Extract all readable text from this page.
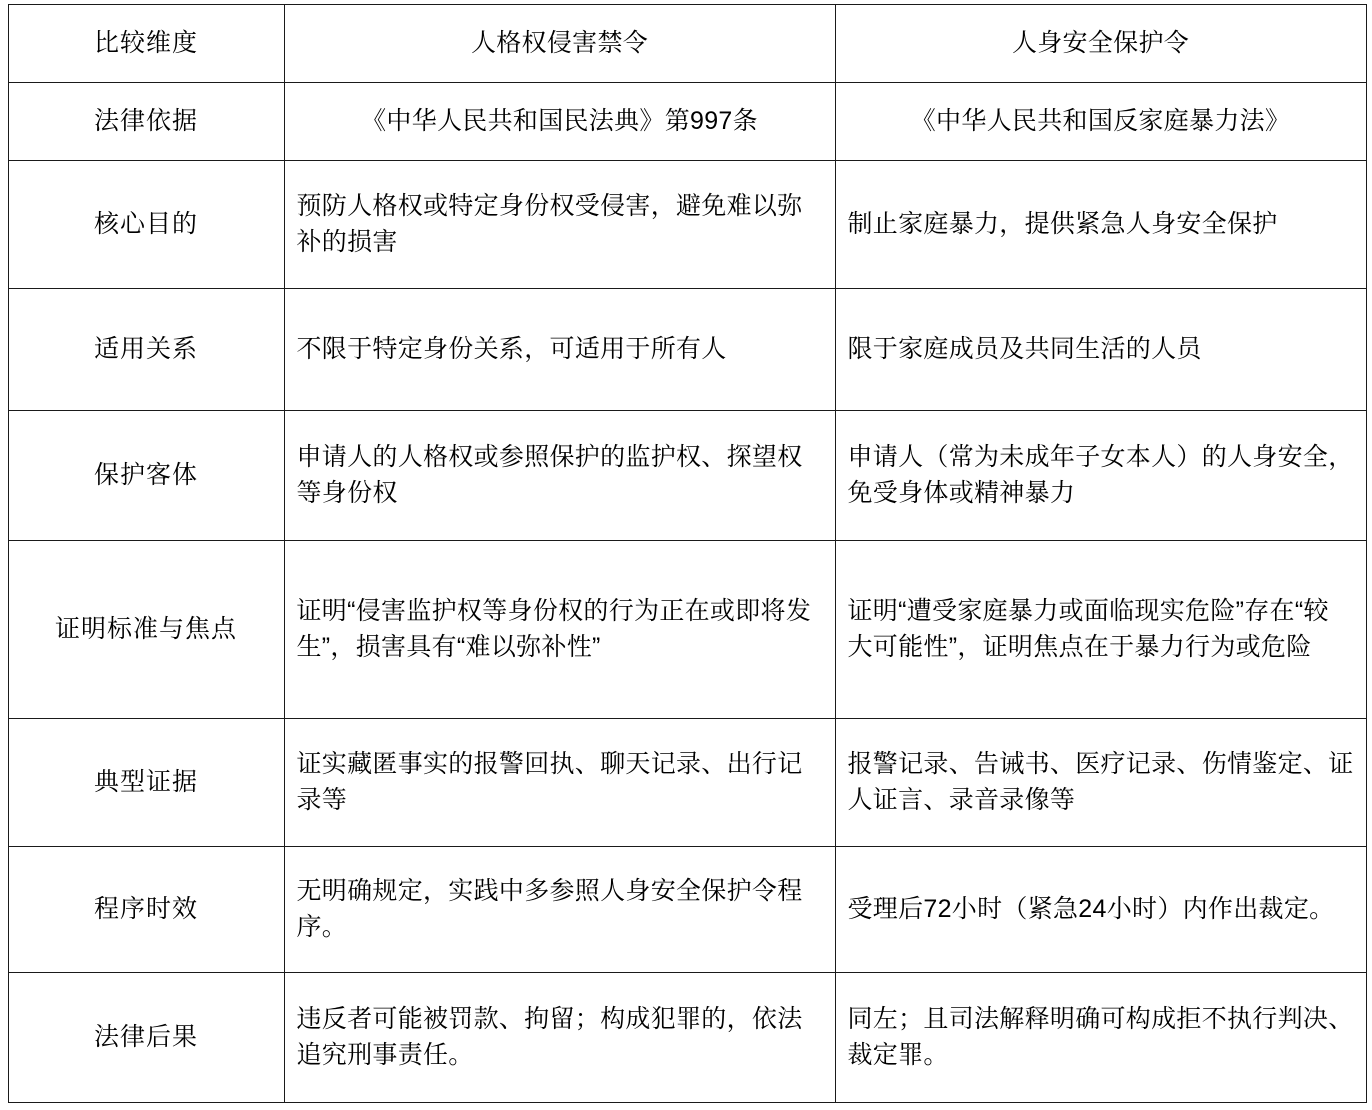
比较维度	人格权侵害禁令	人身安全保护令
法律依据	《中华人民共和国民法典》第997条	《中华人民共和国反家庭暴力法》
核心目的	预防人格权或特定身份权受侵害，避免难以弥补的损害	制止家庭暴力，提供紧急人身安全保护
适用关系	不限于特定身份关系，可适用于所有人	限于家庭成员及共同生活的人员
保护客体	申请人的人格权或参照保护的监护权、探望权等身份权	申请人（常为未成年子女本人）的人身安全，免受身体或精神暴力
证明标准与焦点	证明“侵害监护权等身份权的行为正在或即将发生”，损害具有“难以弥补性”	证明“遭受家庭暴力或面临现实危险”存在“较大可能性”，证明焦点在于暴力行为或危险
典型证据	证实藏匿事实的报警回执、聊天记录、出行记录等	报警记录、告诫书、医疗记录、伤情鉴定、证人证言、录音录像等
程序时效	无明确规定，实践中多参照人身安全保护令程序。	受理后72小时（紧急24小时）内作出裁定。
法律后果	违反者可能被罚款、拘留；构成犯罪的，依法追究刑事责任。	同左；且司法解释明确可构成拒不执行判决、裁定罪。
